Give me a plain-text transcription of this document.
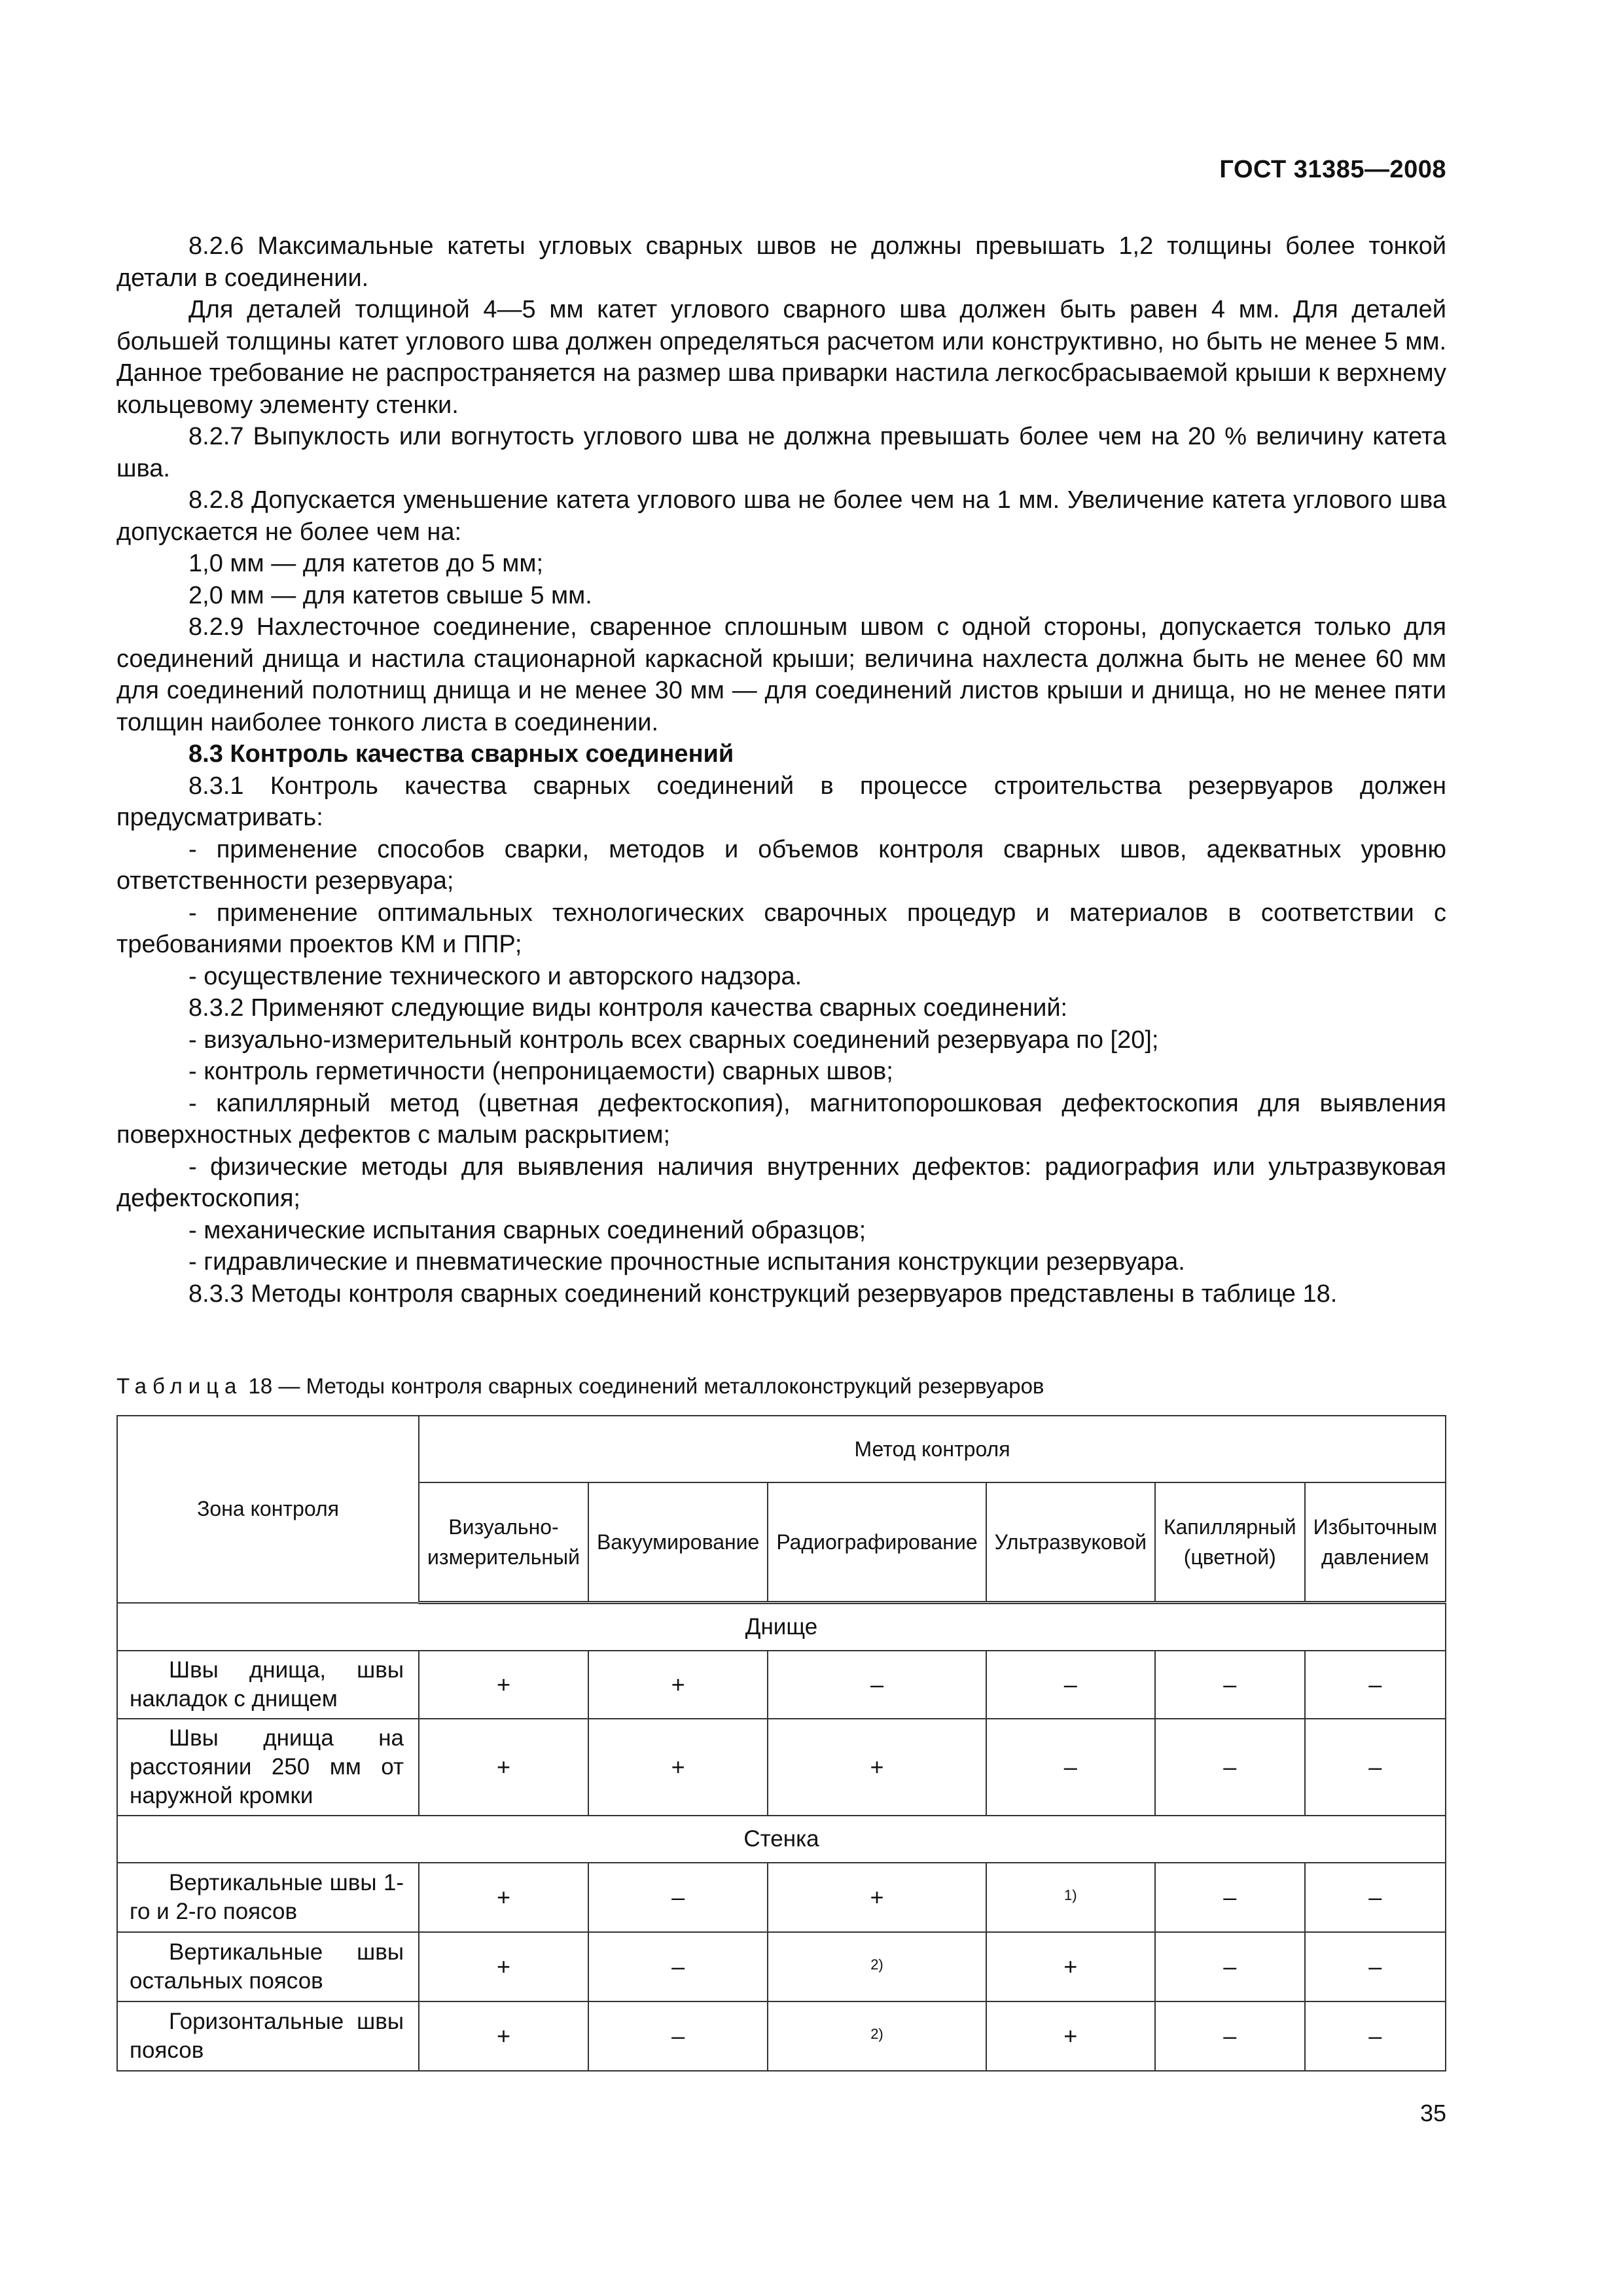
ГОСТ 31385—2008

8.2.6 Максимальные катеты угловых сварных швов не должны превышать 1,2 толщины более тонкой детали в соединении.

Для деталей толщиной 4—5 мм катет углового сварного шва должен быть равен 4 мм. Для деталей большей толщины катет углового шва должен определяться расчетом или конструктивно, но быть не менее 5 мм. Данное требование не распространяется на размер шва приварки настила легкосбрасываемой крыши к верхнему кольцевому элементу стенки.

8.2.7 Выпуклость или вогнутость углового шва не должна превышать более чем на 20 % величину катета шва.

8.2.8 Допускается уменьшение катета углового шва не более чем на 1 мм. Увеличение катета углового шва допускается не более чем на:

1,0 мм — для катетов до 5 мм;

2,0 мм — для катетов свыше 5 мм.

8.2.9 Нахлесточное соединение, сваренное сплошным швом с одной стороны, допускается только для соединений днища и настила стационарной каркасной крыши; величина нахлеста должна быть не менее 60 мм для соединений полотнищ днища и не менее 30 мм — для соединений листов крыши и днища, но не менее пяти толщин наиболее тонкого листа в соединении.

8.3 Контроль качества сварных соединений

8.3.1 Контроль качества сварных соединений в процессе строительства резервуаров должен предусматривать:

- применение способов сварки, методов и объемов контроля сварных швов, адекватных уровню ответственности резервуара;

- применение оптимальных технологических сварочных процедур и материалов в соответствии с требованиями проектов КМ и ППР;

- осуществление технического и авторского надзора.

8.3.2 Применяют следующие виды контроля качества сварных соединений:

- визуально-измерительный контроль всех сварных соединений резервуара по [20];

- контроль герметичности (непроницаемости) сварных швов;

- капиллярный метод (цветная дефектоскопия), магнитопорошковая дефектоскопия для выявления поверхностных дефектов с малым раскрытием;

- физические методы для выявления наличия внутренних дефектов: радиография или ультразвуковая дефектоскопия;

- механические испытания сварных соединений образцов;

- гидравлические и пневматические прочностные испытания конструкции резервуара.

8.3.3 Методы контроля сварных соединений конструкций резервуаров представлены в таблице 18.

Таблица 18 — Методы контроля сварных соединений металлоконструкций резервуаров
Зона контроля	Метод контроля					
	Визуально-измерительный	Вакуумирование	Радиографирование	Ультразвуковой	Капиллярный (цветной)	Избыточным давлением
Днище						
Швы днища, швы накладок с днищем	+	+	–	–	–	–
Швы днища на расстоянии 250 мм от наружной кромки	+	+	+	–	–	–
Стенка						
Вертикальные швы 1-го и 2-го поясов	+	–	+	1)	–	–
Вертикальные швы остальных поясов	+	–	2)	+	–	–
Горизонтальные швы поясов	+	–	2)	+	–	–
35
